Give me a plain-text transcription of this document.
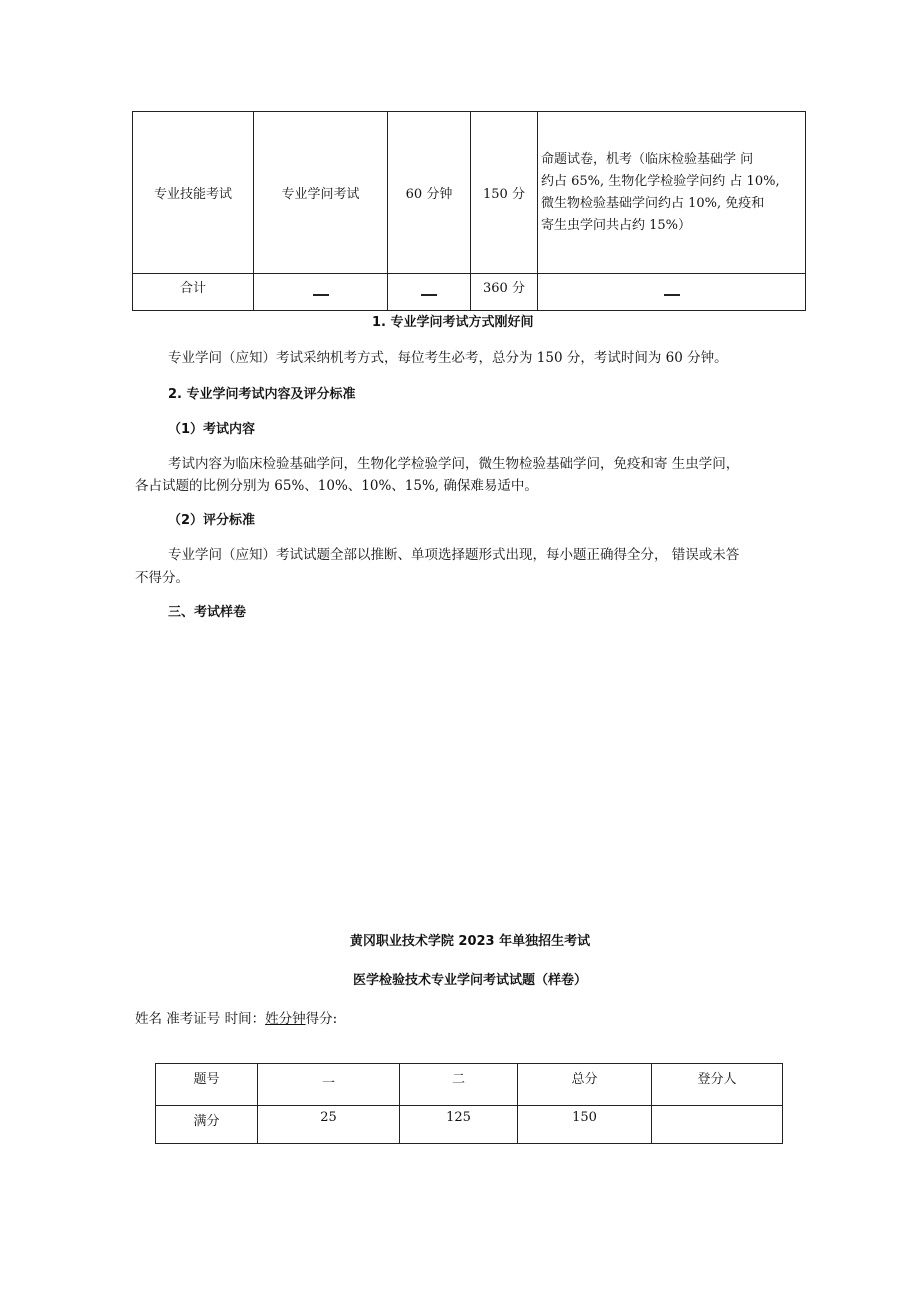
专业技能考试	专业学问考试	60 分钟	150 分	命题试卷，机考（临床检验基础学 问
约占 65%, 生物化学检验学问约 占 10%,
微生物检验基础学问约占 10%, 免疫和
寄生虫学问共占约 15%）

合计			360 分	
1. 专业学问考试方式刚好间
专业学问（应知）考试采纳机考方式，每位考生必考，总分为 150 分，考试时间为 60 分钟。
2. 专业学问考试内容及评分标准
（1）考试内容
考试内容为临床检验基础学问，生物化学检验学问，微生物检验基础学问，免疫和寄 生虫学问，
各占试题的比例分别为 65%、10%、10%、15%, 确保难易适中。
（2）评分标准
专业学问（应知）考试试题全部以推断、单项选择题形式出现，每小题正确得全分， 错误或未答
不得分。
三、考试样卷
黄冈职业技术学院 2023 年单独招生考试
医学检验技术专业学问考试试题（样卷）
姓名 准考证号 时间：姓分钟得分:
题号	一	二	总分	登分人
满分	25	125	150	
